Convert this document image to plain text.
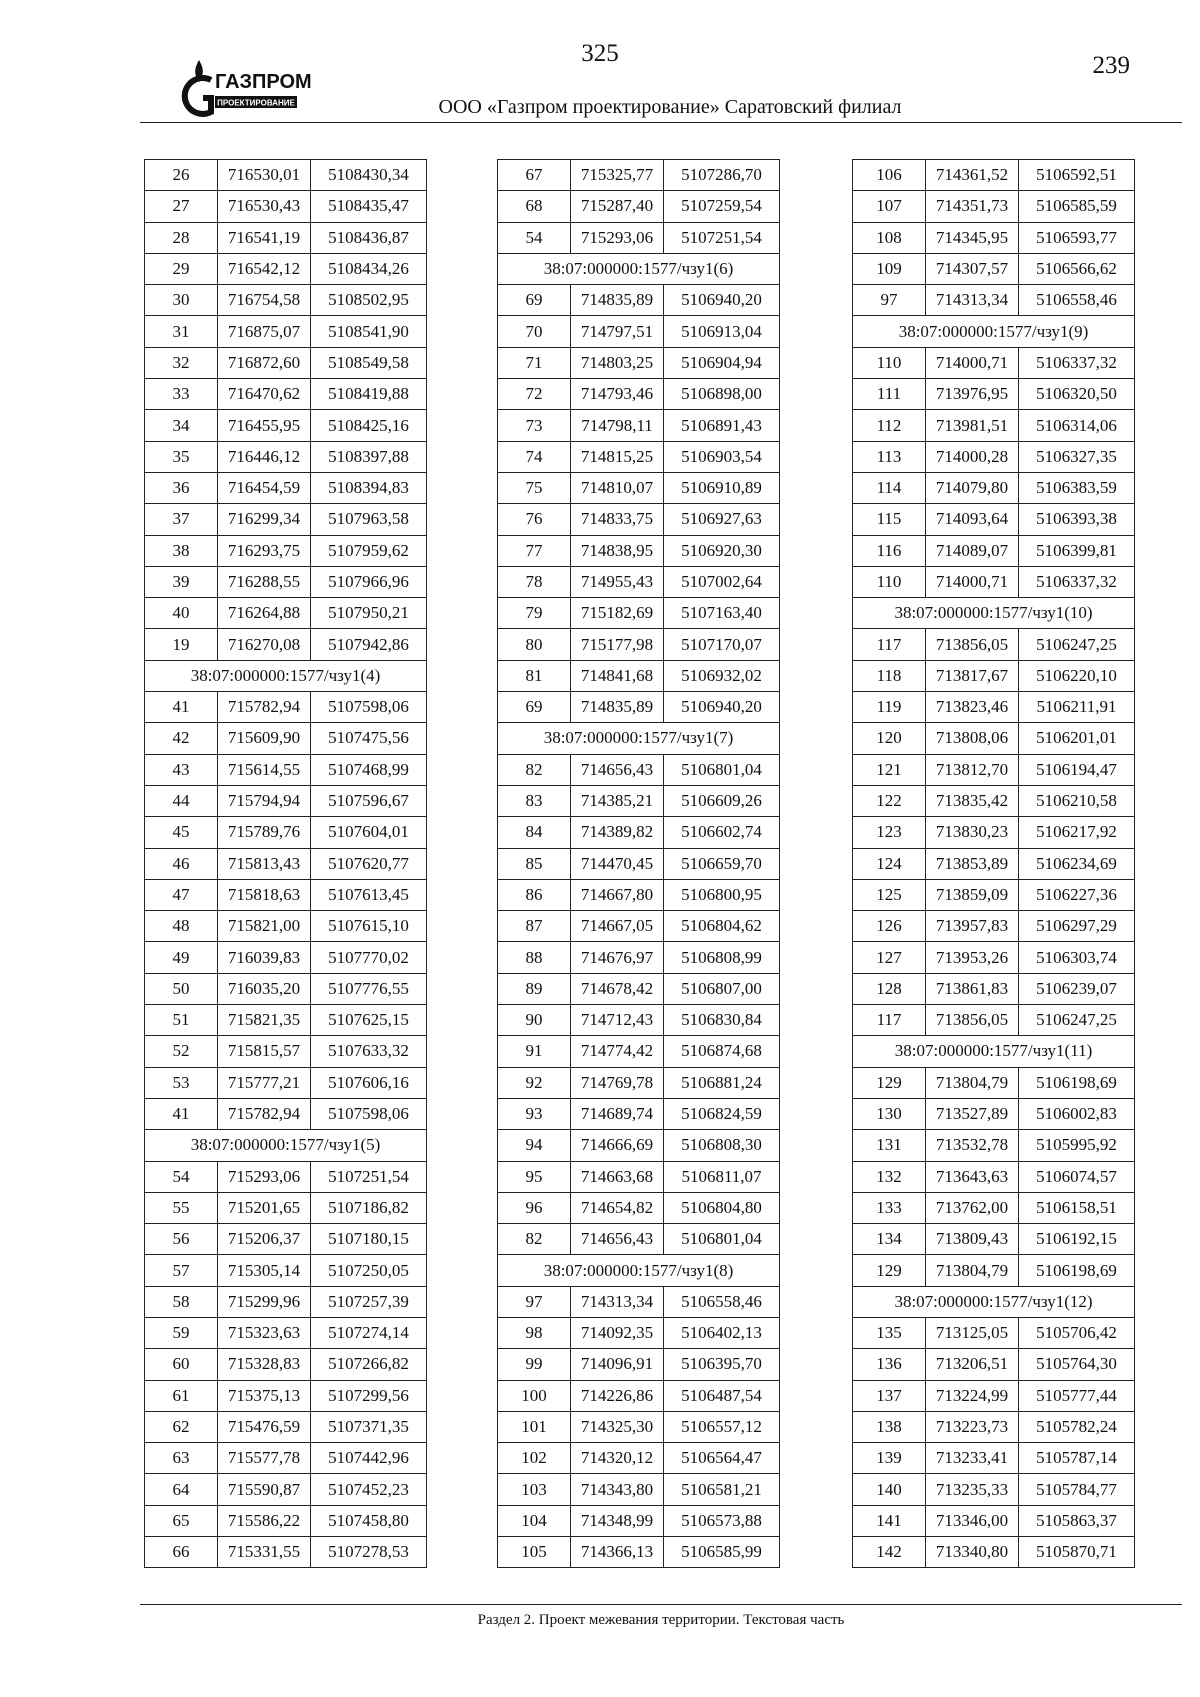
ГАЗПРОМ
ПРОЕКТИРОВАНИЕ
325	239
ООО «Газпром проектирование» Саратовский филиал
26	716530,01	5108430,34
27	716530,43	5108435,47
28	716541,19	5108436,87
29	716542,12	5108434,26
30	716754,58	5108502,95
31	716875,07	5108541,90
32	716872,60	5108549,58
33	716470,62	5108419,88
34	716455,95	5108425,16
35	716446,12	5108397,88
36	716454,59	5108394,83
37	716299,34	5107963,58
38	716293,75	5107959,62
39	716288,55	5107966,96
40	716264,88	5107950,21
19	716270,08	5107942,86
38:07:000000:1577/чзу1(4)		
41	715782,94	5107598,06
42	715609,90	5107475,56
43	715614,55	5107468,99
44	715794,94	5107596,67
45	715789,76	5107604,01
46	715813,43	5107620,77
47	715818,63	5107613,45
48	715821,00	5107615,10
49	716039,83	5107770,02
50	716035,20	5107776,55
51	715821,35	5107625,15
52	715815,57	5107633,32
53	715777,21	5107606,16
41	715782,94	5107598,06
38:07:000000:1577/чзу1(5)		
54	715293,06	5107251,54
55	715201,65	5107186,82
56	715206,37	5107180,15
57	715305,14	5107250,05
58	715299,96	5107257,39
59	715323,63	5107274,14
60	715328,83	5107266,82
61	715375,13	5107299,56
62	715476,59	5107371,35
63	715577,78	5107442,96
64	715590,87	5107452,23
65	715586,22	5107458,80
66	715331,55	5107278,53
67	715325,77	5107286,70
68	715287,40	5107259,54
54	715293,06	5107251,54
38:07:000000:1577/чзу1(6)		
69	714835,89	5106940,20
70	714797,51	5106913,04
71	714803,25	5106904,94
72	714793,46	5106898,00
73	714798,11	5106891,43
74	714815,25	5106903,54
75	714810,07	5106910,89
76	714833,75	5106927,63
77	714838,95	5106920,30
78	714955,43	5107002,64
79	715182,69	5107163,40
80	715177,98	5107170,07
81	714841,68	5106932,02
69	714835,89	5106940,20
38:07:000000:1577/чзу1(7)		
82	714656,43	5106801,04
83	714385,21	5106609,26
84	714389,82	5106602,74
85	714470,45	5106659,70
86	714667,80	5106800,95
87	714667,05	5106804,62
88	714676,97	5106808,99
89	714678,42	5106807,00
90	714712,43	5106830,84
91	714774,42	5106874,68
92	714769,78	5106881,24
93	714689,74	5106824,59
94	714666,69	5106808,30
95	714663,68	5106811,07
96	714654,82	5106804,80
82	714656,43	5106801,04
38:07:000000:1577/чзу1(8)		
97	714313,34	5106558,46
98	714092,35	5106402,13
99	714096,91	5106395,70
100	714226,86	5106487,54
101	714325,30	5106557,12
102	714320,12	5106564,47
103	714343,80	5106581,21
104	714348,99	5106573,88
105	714366,13	5106585,99
106	714361,52	5106592,51
107	714351,73	5106585,59
108	714345,95	5106593,77
109	714307,57	5106566,62
97	714313,34	5106558,46
38:07:000000:1577/чзу1(9)		
110	714000,71	5106337,32
111	713976,95	5106320,50
112	713981,51	5106314,06
113	714000,28	5106327,35
114	714079,80	5106383,59
115	714093,64	5106393,38
116	714089,07	5106399,81
110	714000,71	5106337,32
38:07:000000:1577/чзу1(10)		
117	713856,05	5106247,25
118	713817,67	5106220,10
119	713823,46	5106211,91
120	713808,06	5106201,01
121	713812,70	5106194,47
122	713835,42	5106210,58
123	713830,23	5106217,92
124	713853,89	5106234,69
125	713859,09	5106227,36
126	713957,83	5106297,29
127	713953,26	5106303,74
128	713861,83	5106239,07
117	713856,05	5106247,25
38:07:000000:1577/чзу1(11)		
129	713804,79	5106198,69
130	713527,89	5106002,83
131	713532,78	5105995,92
132	713643,63	5106074,57
133	713762,00	5106158,51
134	713809,43	5106192,15
129	713804,79	5106198,69
38:07:000000:1577/чзу1(12)		
135	713125,05	5105706,42
136	713206,51	5105764,30
137	713224,99	5105777,44
138	713223,73	5105782,24
139	713233,41	5105787,14
140	713235,33	5105784,77
141	713346,00	5105863,37
142	713340,80	5105870,71
Раздел 2. Проект межевания территории. Текстовая часть
